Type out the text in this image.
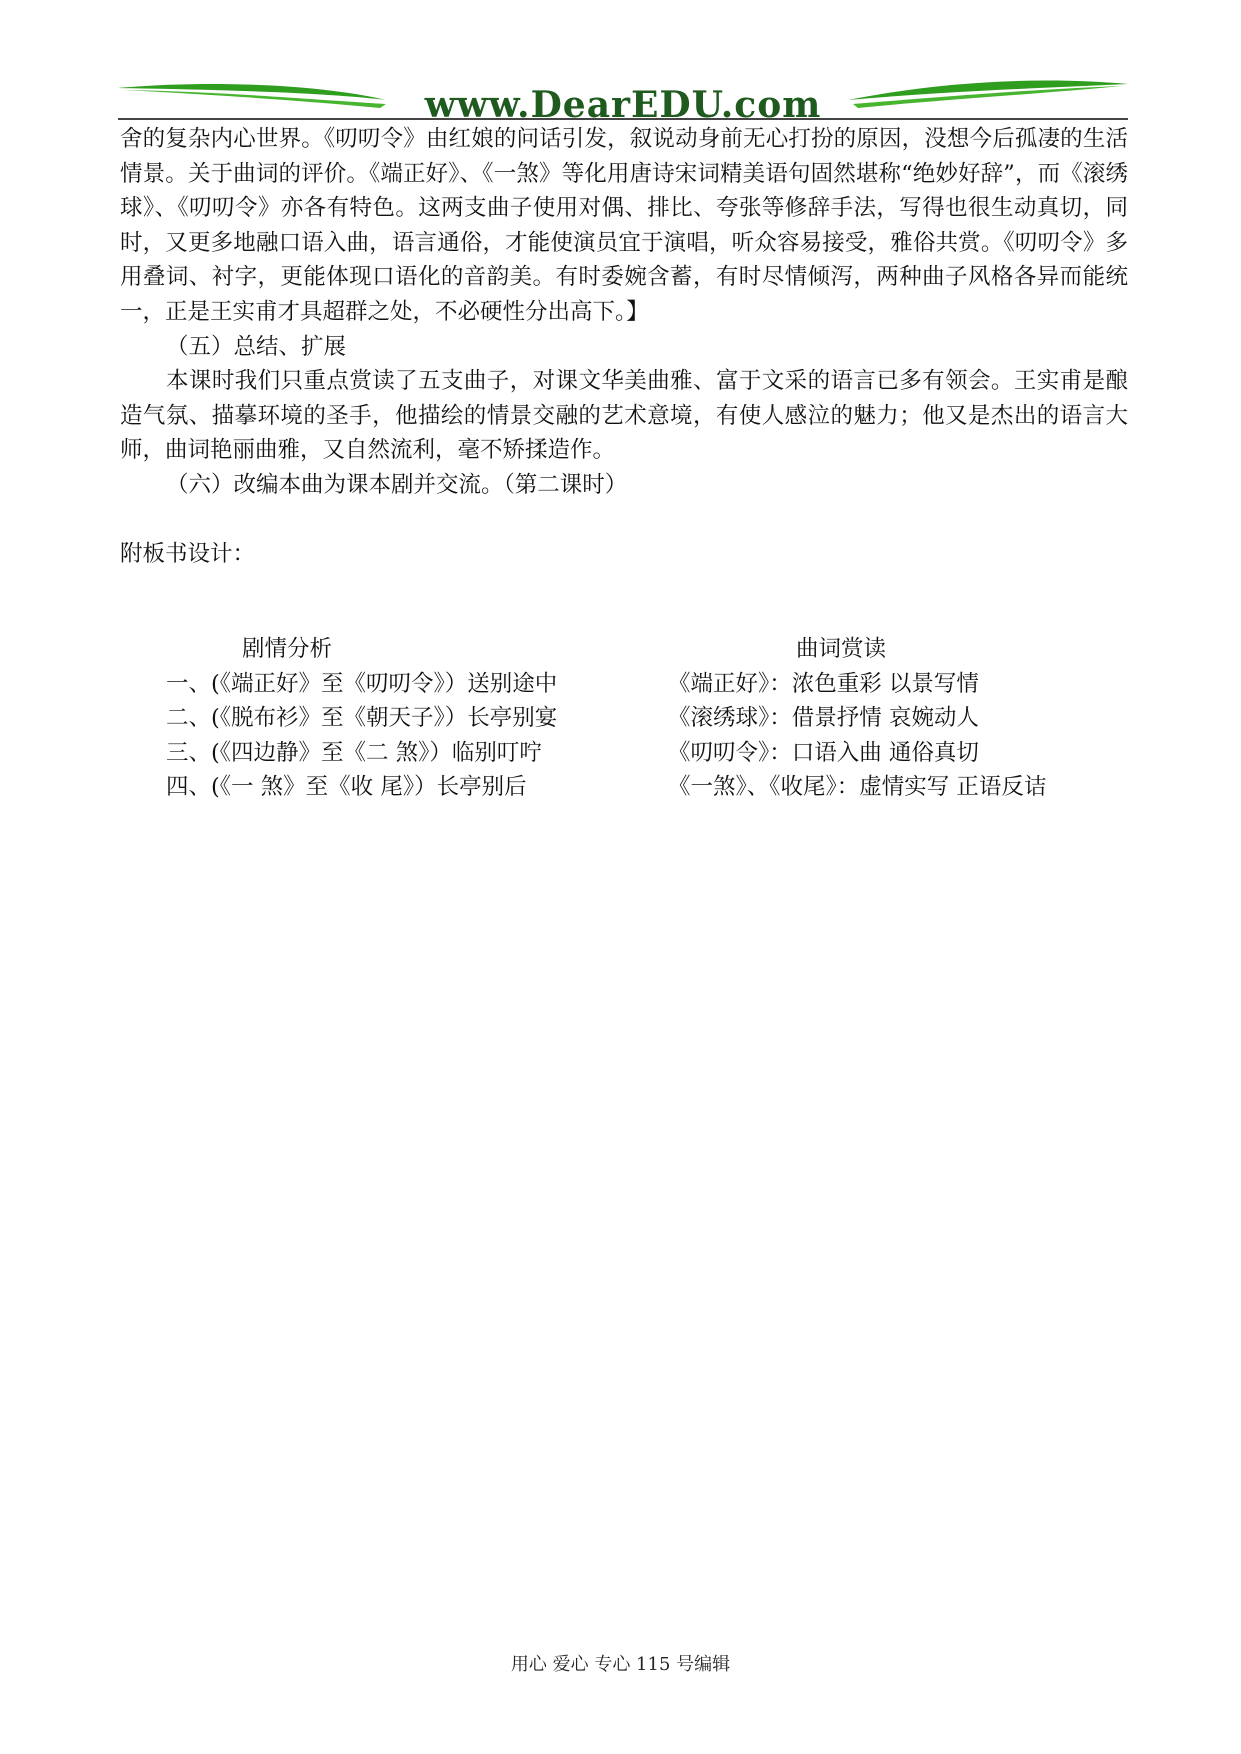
www.DearEDU.com

舍的复杂内心世界。《叨叨令》由红娘的问话引发，叙说动身前无心打扮的原因，没想今后孤凄的生活情景。关于曲词的评价。《端正好》、《一煞》等化用唐诗宋词精美语句固然堪称“绝妙好辞”，而《滚绣球》、《叨叨令》亦各有特色。这两支曲子使用对偶、排比、夸张等修辞手法，写得也很生动真切，同时，又更多地融口语入曲，语言通俗，才能使演员宜于演唱，听众容易接受，雅俗共赏。《叨叨令》多用叠词、衬字，更能体现口语化的音韵美。有时委婉含蓄，有时尽情倾泻，两种曲子风格各异而能统一，正是王实甫才具超群之处，不必硬性分出高下。】

（五）总结、扩展

本课时我们只重点赏读了五支曲子，对课文华美曲雅、富于文采的语言已多有领会。王实甫是酿造气氛、描摹环境的圣手，他描绘的情景交融的艺术意境，有使人感泣的魅力；他又是杰出的语言大师，曲词艳丽曲雅，又自然流利，毫不矫揉造作。

（六）改编本曲为课本剧并交流。（第二课时）

附板书设计：

剧情分析	曲词赏读
一、(《端正好》至《叨叨令》）送别途中	《端正好》：浓色重彩 以景写情
二、(《脱布衫》至《朝天子》）长亭别宴	《滚绣球》：借景抒情 哀婉动人
三、(《四边静》至《二 煞》）临别叮咛	《叨叨令》：口语入曲 通俗真切
四、(《一 煞》至《收 尾》）长亭别后	《一煞》、《收尾》：虚情实写 正语反诘
用心 爱心 专心 115 号编辑
